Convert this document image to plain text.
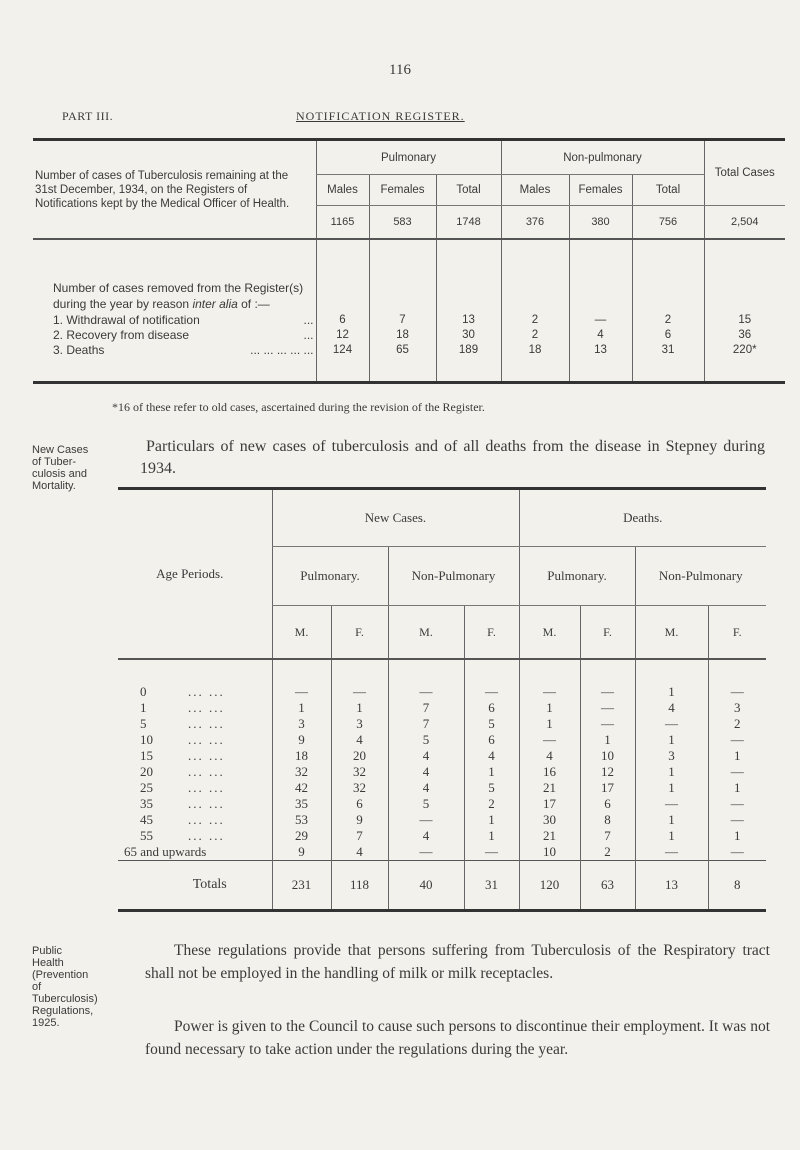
116
PART III.	NOTIFICATION REGISTER.
Number of cases of Tuberculosis remaining at the 31st December, 1934, on the Registers of Notifications kept by the Medical Officer of Health.	Pulmonary			Non-pulmonary			Total Cases
	Males	Females	Total	Males	Females	Total	
	1165	583	1748	376	380	756	2,504
Number of cases removed from the Register(s) during the year by reason inter alia of :—							
1. Withdrawal of notification ...	6	7	13	2	—	2	15
2. Recovery from disease ...	12	18	30	2	4	6	36
3. Deaths ... ... ... ... ...	124	65	189	18	13	31	220*

*16 of these refer to old cases, ascertained during the revision of the Register.
New Cases
of Tuber-
culosis and
Mortality.
Particulars of new cases of tuberculosis and of all deaths from the disease in Stepney during 1934.
Age Periods.	New Cases.				Deaths.			
	Pulmonary.		Non-Pulmonary		Pulmonary.		Non-Pulmonary	
	M.	F.	M.	F.	M.	F.	M.	F.

0 ... ...	—	—	—	—	—	—	1	—
1 ... ...	1	1	7	6	1	—	4	3
5 ... ...	3	3	7	5	1	—	—	2
10 ... ...	9	4	5	6	—	1	1	—
15 ... ...	18	20	4	4	4	10	3	1
20 ... ...	32	32	4	1	16	12	1	—
25 ... ...	42	32	4	5	21	17	1	1
35 ... ...	35	6	5	2	17	6	—	—
45 ... ...	53	9	—	1	30	8	1	—
55 ... ...	29	7	4	1	21	7	1	1
65 and upwards	9	4	—	—	10	2	—	—
Totals	231	118	40	31	120	63	13	8
Public
Health
(Prevention
of
Tuberculosis)
Regulations,
1925.
These regulations provide that persons suffering from Tuberculosis of the Respiratory tract shall not be employed in the handling of milk or milk receptacles.
Power is given to the Council to cause such persons to discontinue their employment. It was not found necessary to take action under the regulations during the year.
